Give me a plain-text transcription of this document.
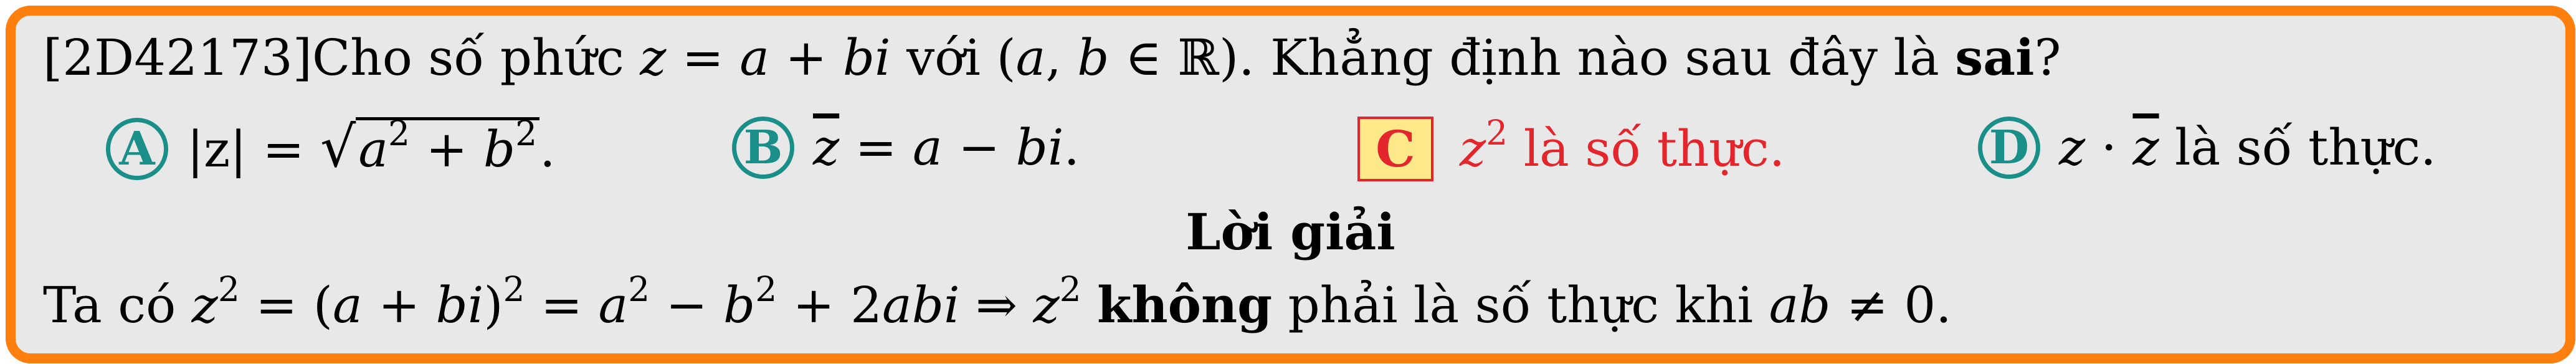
[2D42173]Cho số phức z = a + bi với (a, b ∈ ℝ). Khẳng định nào sau đây là sai?
A $|z| = √a^2 + b^2$.	B $\overline{z} = a$ − bi.	C $z^2$ là số thực.	D $z \cdot \overline{z}$ là số thực.
Lời giải
Ta có $z^2 = (a + bi)^2 = a^2 - b^2 + 2abi$ ⇒ $z^2$ không phải là số thực khi ab ≠ 0.
